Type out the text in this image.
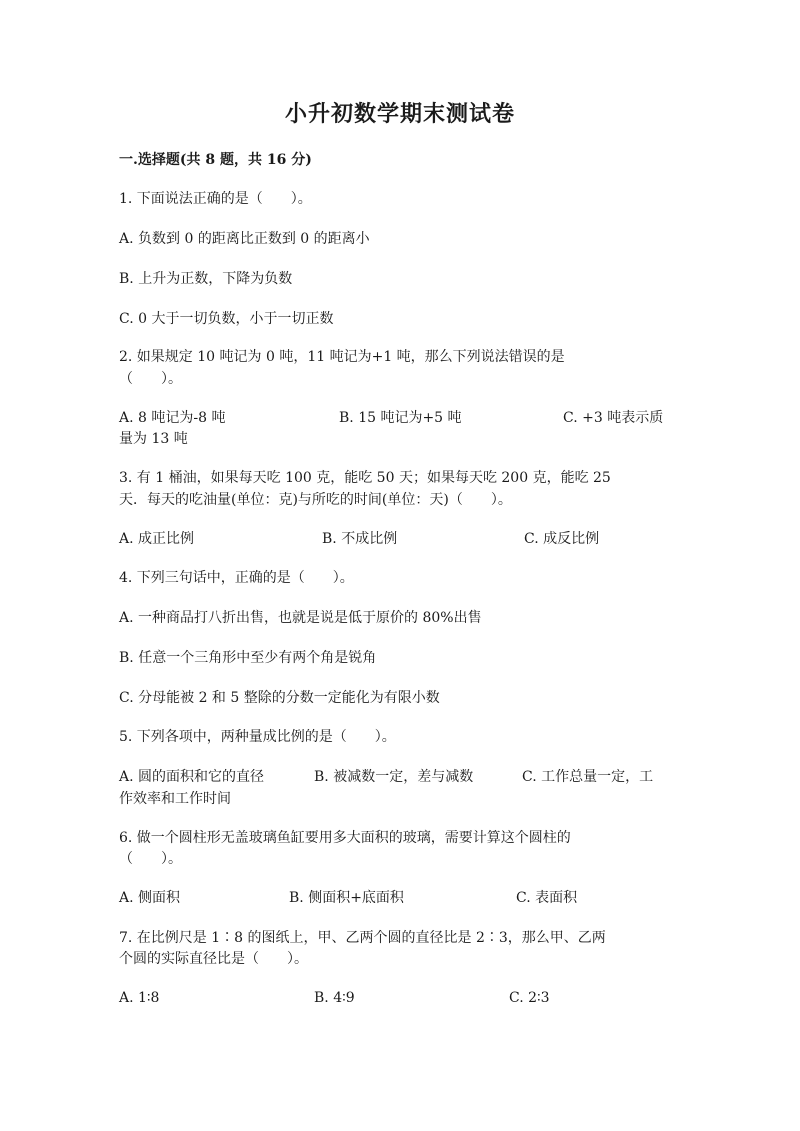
小升初数学期末测试卷
一.选择题(共 8 题，共 16 分)
1. 下面说法正确的是（　　）。
A. 负数到 0 的距离比正数到 0 的距离小
B. 上升为正数，下降为负数
C. 0 大于一切负数，小于一切正数
2. 如果规定 10 吨记为 0 吨，11 吨记为+1 吨，那么下列说法错误的是
（　　）。
A. 8 吨记为-8 吨	B. 15 吨记为+5 吨	C. +3 吨表示质
量为 13 吨
3. 有 1 桶油，如果每天吃 100 克，能吃 50 天；如果每天吃 200 克，能吃 25
天．每天的吃油量(单位：克)与所吃的时间(单位：天)（　　）。
A. 成正比例	B. 不成比例	C. 成反比例
4. 下列三句话中，正确的是（　　）。
A. 一种商品打八折出售，也就是说是低于原价的 80%出售
B. 任意一个三角形中至少有两个角是锐角
C. 分母能被 2 和 5 整除的分数一定能化为有限小数
5. 下列各项中，两种量成比例的是（　　）。
A. 圆的面积和它的直径	B. 被减数一定，差与减数	C. 工作总量一定，工
作效率和工作时间
6. 做一个圆柱形无盖玻璃鱼缸要用多大面积的玻璃，需要计算这个圆柱的
（　　）。
A. 侧面积	B. 侧面积+底面积	C. 表面积
7. 在比例尺是 1∶8 的图纸上，甲、乙两个圆的直径比是 2∶3，那么甲、乙两
个圆的实际直径比是（　　）。
A. 1∶8	B. 4∶9	C. 2∶3
